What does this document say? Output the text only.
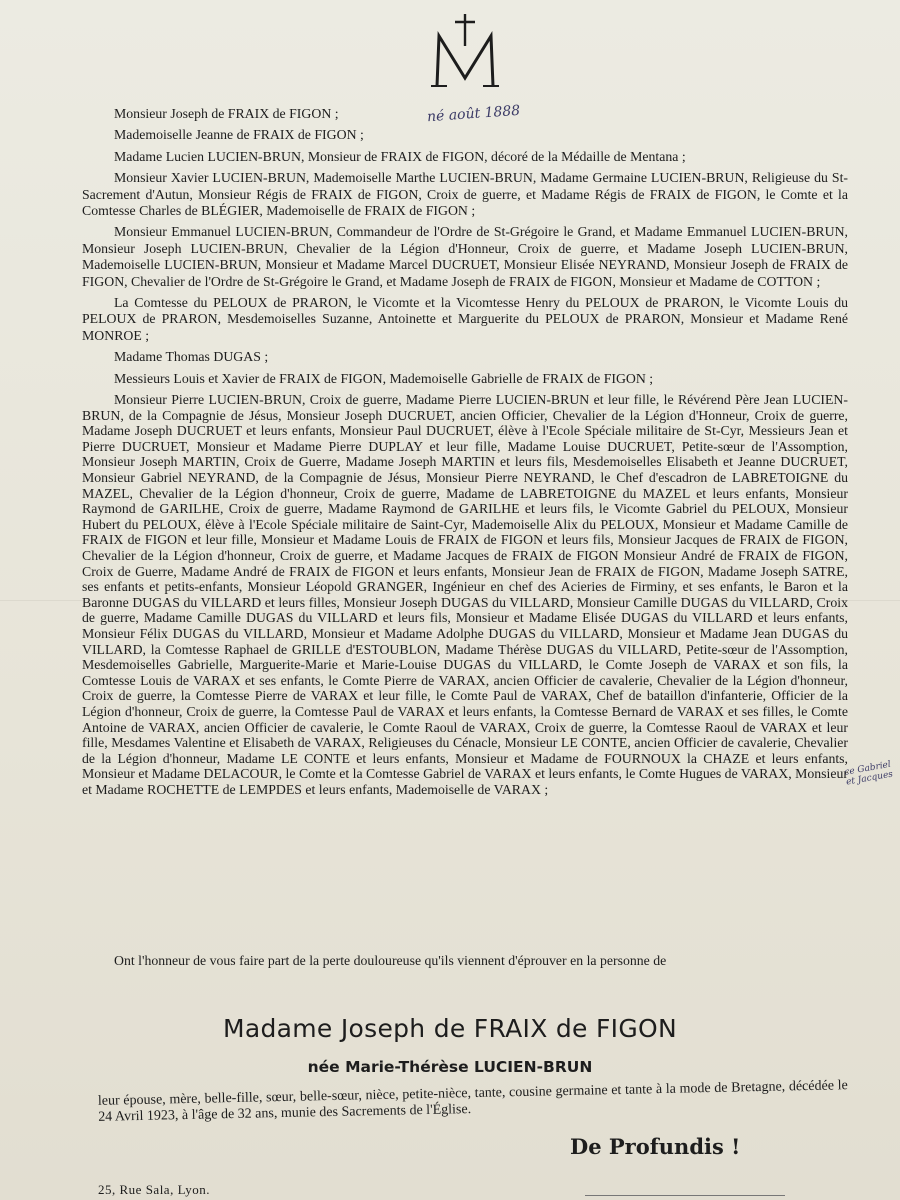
né août 1888
ce Gabriel et Jacques

Monsieur Joseph de FRAIX de FIGON ;

Mademoiselle Jeanne de FRAIX de FIGON ;

Madame Lucien LUCIEN-BRUN, Monsieur de FRAIX de FIGON, décoré de la Médaille de Mentana ;

Monsieur Xavier LUCIEN-BRUN, Mademoiselle Marthe LUCIEN-BRUN, Madame Germaine LUCIEN-BRUN, Religieuse du St-Sacrement d'Autun, Monsieur Régis de FRAIX de FIGON, Croix de guerre, et Madame Régis de FRAIX de FIGON, le Comte et la Comtesse Charles de BLÉGIER, Mademoiselle de FRAIX de FIGON ;

Monsieur Emmanuel LUCIEN-BRUN, Commandeur de l'Ordre de St-Grégoire le Grand, et Madame Emmanuel LUCIEN-BRUN, Monsieur Joseph LUCIEN-BRUN, Chevalier de la Légion d'Honneur, Croix de guerre, et Madame Joseph LUCIEN-BRUN, Mademoiselle LUCIEN-BRUN, Monsieur et Madame Marcel DUCRUET, Monsieur Elisée NEYRAND, Monsieur Joseph de FRAIX de FIGON, Chevalier de l'Ordre de St-Grégoire le Grand, et Madame Joseph de FRAIX de FIGON, Monsieur et Madame de COTTON ;

La Comtesse du PELOUX de PRARON, le Vicomte et la Vicomtesse Henry du PELOUX de PRARON, le Vicomte Louis du PELOUX de PRARON, Mesdemoiselles Suzanne, Antoinette et Marguerite du PELOUX de PRARON, Monsieur et Madame René MONROE ;

Madame Thomas DUGAS ;

Messieurs Louis et Xavier de FRAIX de FIGON, Mademoiselle Gabrielle de FRAIX de FIGON ;

Monsieur Pierre LUCIEN-BRUN, Croix de guerre, Madame Pierre LUCIEN-BRUN et leur fille, le Révérend Père Jean LUCIEN-BRUN, de la Compagnie de Jésus, Monsieur Joseph DUCRUET, ancien Officier, Chevalier de la Légion d'Honneur, Croix de guerre, Madame Joseph DUCRUET et leurs enfants, Monsieur Paul DUCRUET, élève à l'Ecole Spéciale militaire de St-Cyr, Messieurs Jean et Pierre DUCRUET, Monsieur et Madame Pierre DUPLAY et leur fille, Madame Louise DUCRUET, Petite-sœur de l'Assomption, Monsieur Joseph MARTIN, Croix de Guerre, Madame Joseph MARTIN et leurs fils, Mesdemoiselles Elisabeth et Jeanne DUCRUET, Monsieur Gabriel NEYRAND, de la Compagnie de Jésus, Monsieur Pierre NEYRAND, le Chef d'escadron de LABRETOIGNE du MAZEL, Chevalier de la Légion d'honneur, Croix de guerre, Madame de LABRETOIGNE du MAZEL et leurs enfants, Monsieur Raymond de GARILHE, Croix de guerre, Madame Raymond de GARILHE et leurs fils, le Vicomte Gabriel du PELOUX, Monsieur Hubert du PELOUX, élève à l'Ecole Spéciale militaire de Saint-Cyr, Mademoiselle Alix du PELOUX, Monsieur et Madame Camille de FRAIX de FIGON et leur fille, Monsieur et Madame Louis de FRAIX de FIGON et leurs fils, Monsieur Jacques de FRAIX de FIGON, Chevalier de la Légion d'honneur, Croix de guerre, et Madame Jacques de FRAIX de FIGON Monsieur André de FRAIX de FIGON, Croix de Guerre, Madame André de FRAIX de FIGON et leurs enfants, Monsieur Jean de FRAIX de FIGON, Madame Joseph SATRE, ses enfants et petits-enfants, Monsieur Léopold GRANGER, Ingénieur en chef des Acieries de Firminy, et ses enfants, le Baron et la Baronne DUGAS du VILLARD et leurs filles, Monsieur Joseph DUGAS du VILLARD, Monsieur Camille DUGAS du VILLARD, Croix de guerre, Madame Camille DUGAS du VILLARD et leurs fils, Monsieur et Madame Elisée DUGAS du VILLARD et leurs enfants, Monsieur Félix DUGAS du VILLARD, Monsieur et Madame Adolphe DUGAS du VILLARD, Monsieur et Madame Jean DUGAS du VILLARD, la Comtesse Raphael de GRILLE d'ESTOUBLON, Madame Thérèse DUGAS du VILLARD, Petite-sœur de l'Assomption, Mesdemoiselles Gabrielle, Marguerite-Marie et Marie-Louise DUGAS du VILLARD, le Comte Joseph de VARAX et son fils, la Comtesse Louis de VARAX et ses enfants, le Comte Pierre de VARAX, ancien Officier de cavalerie, Chevalier de la Légion d'honneur, Croix de guerre, la Comtesse Pierre de VARAX et leur fille, le Comte Paul de VARAX, Chef de bataillon d'infanterie, Officier de la Légion d'honneur, Croix de guerre, la Comtesse Paul de VARAX et leurs enfants, la Comtesse Bernard de VARAX et ses filles, le Comte Antoine de VARAX, ancien Officier de cavalerie, le Comte Raoul de VARAX, Croix de guerre, la Comtesse Raoul de VARAX et leur fille, Mesdames Valentine et Elisabeth de VARAX, Religieuses du Cénacle, Monsieur LE CONTE, ancien Officier de cavalerie, Chevalier de la Légion d'honneur, Madame LE CONTE et leurs enfants, Monsieur et Madame de FOURNOUX la CHAZE et leurs enfants, Monsieur et Madame DELACOUR, le Comte et la Comtesse Gabriel de VARAX et leurs enfants, le Comte Hugues de VARAX, Monsieur et Madame ROCHETTE de LEMPDES et leurs enfants, Mademoiselle de VARAX ;

Ont l'honneur de vous faire part de la perte douloureuse qu'ils viennent d'éprouver en la personne de

Madame Joseph de FRAIX de FIGON
née Marie-Thérèse LUCIEN-BRUN
leur épouse, mère, belle-fille, sœur, belle-sœur, nièce, petite-nièce, tante, cousine germaine et tante à la mode de Bretagne, décédée le 24 Avril 1923, à l'âge de 32 ans, munie des Sacrements de l'Église.
De Profundis !
25, Rue Sala, Lyon.
